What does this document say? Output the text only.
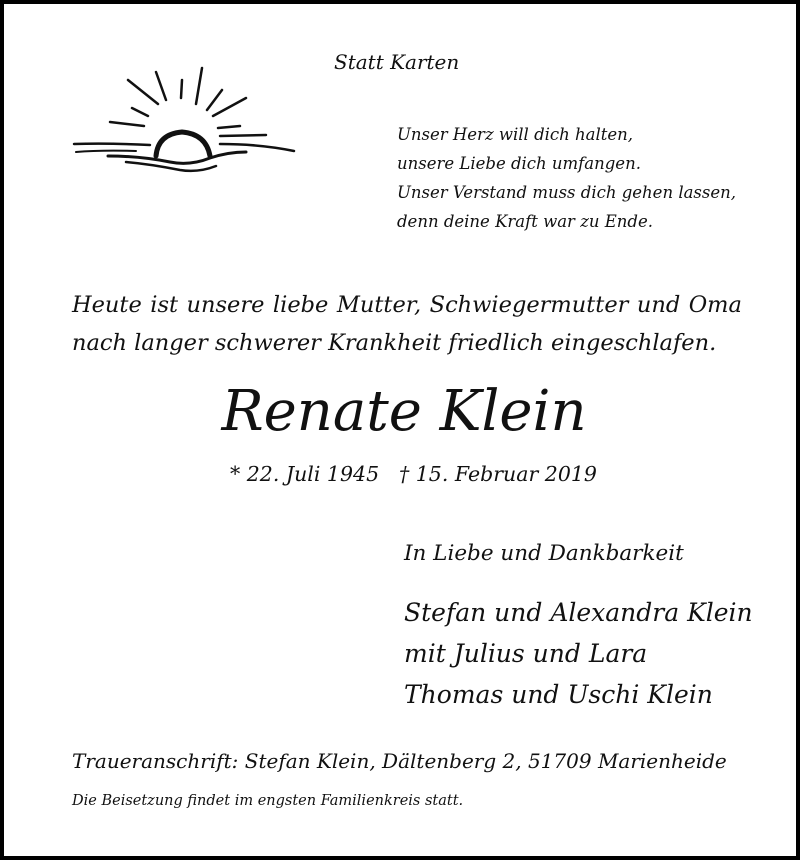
Statt Karten
Unser Herz will dich halten,
unsere Liebe dich umfangen.
Unser Verstand muss dich gehen lassen,
denn deine Kraft war zu Ende.
Heute ist unsere liebe Mutter, Schwiegermutter und Oma
nach langer schwerer Krankheit friedlich eingeschlafen.
Renate Klein
* 22. Juli 1945 † 15. Februar 2019
In Liebe und Dankbarkeit
Stefan und Alexandra Klein
mit Julius und Lara
Thomas und Uschi Klein
Traueranschrift: Stefan Klein, Dältenberg 2, 51709 Marienheide
Die Beisetzung findet im engsten Familienkreis statt.
